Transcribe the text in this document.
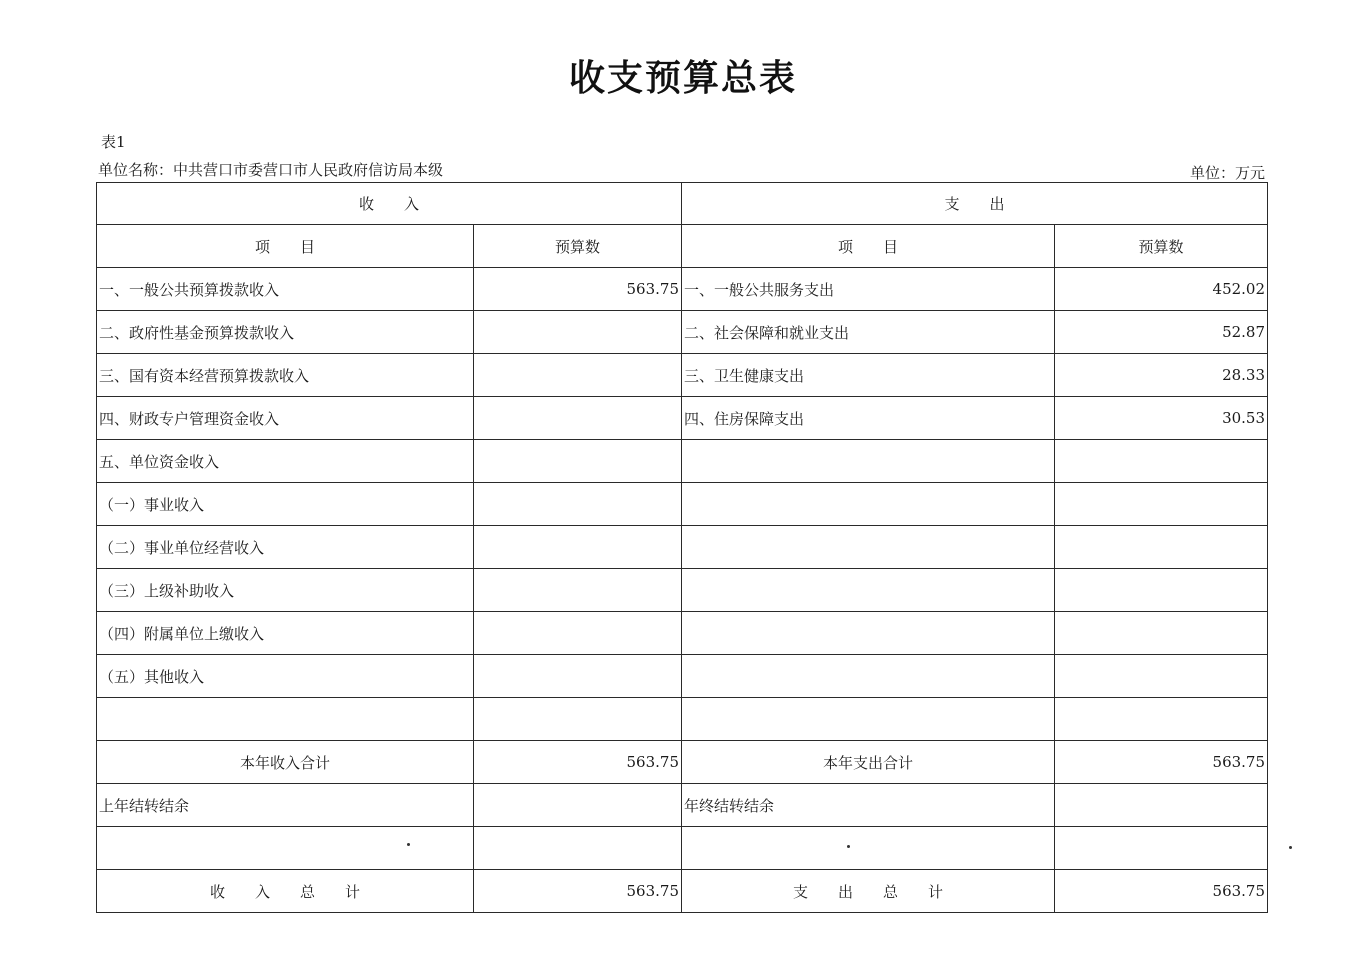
收支预算总表
表1
单位名称：中共营口市委营口市人民政府信访局本级	单位：万元
收　　入		支　　出	
项　　目	预算数	项　　目	预算数
一、一般公共预算拨款收入	563.75	一、一般公共服务支出	452.02
二、政府性基金预算拨款收入		二、社会保障和就业支出	52.87
三、国有资本经营预算拨款收入		三、卫生健康支出	28.33
四、财政专户管理资金收入		四、住房保障支出	30.53
五、单位资金收入			
（一）事业收入			
（二）事业单位经营收入			
（三）上级补助收入			
（四）附属单位上缴收入			
（五）其他收入			

本年收入合计	563.75	本年支出合计	563.75
上年结转结余		年终结转结余	

收　　入　　总　　计	563.75	支　　出　　总　　计	563.75
